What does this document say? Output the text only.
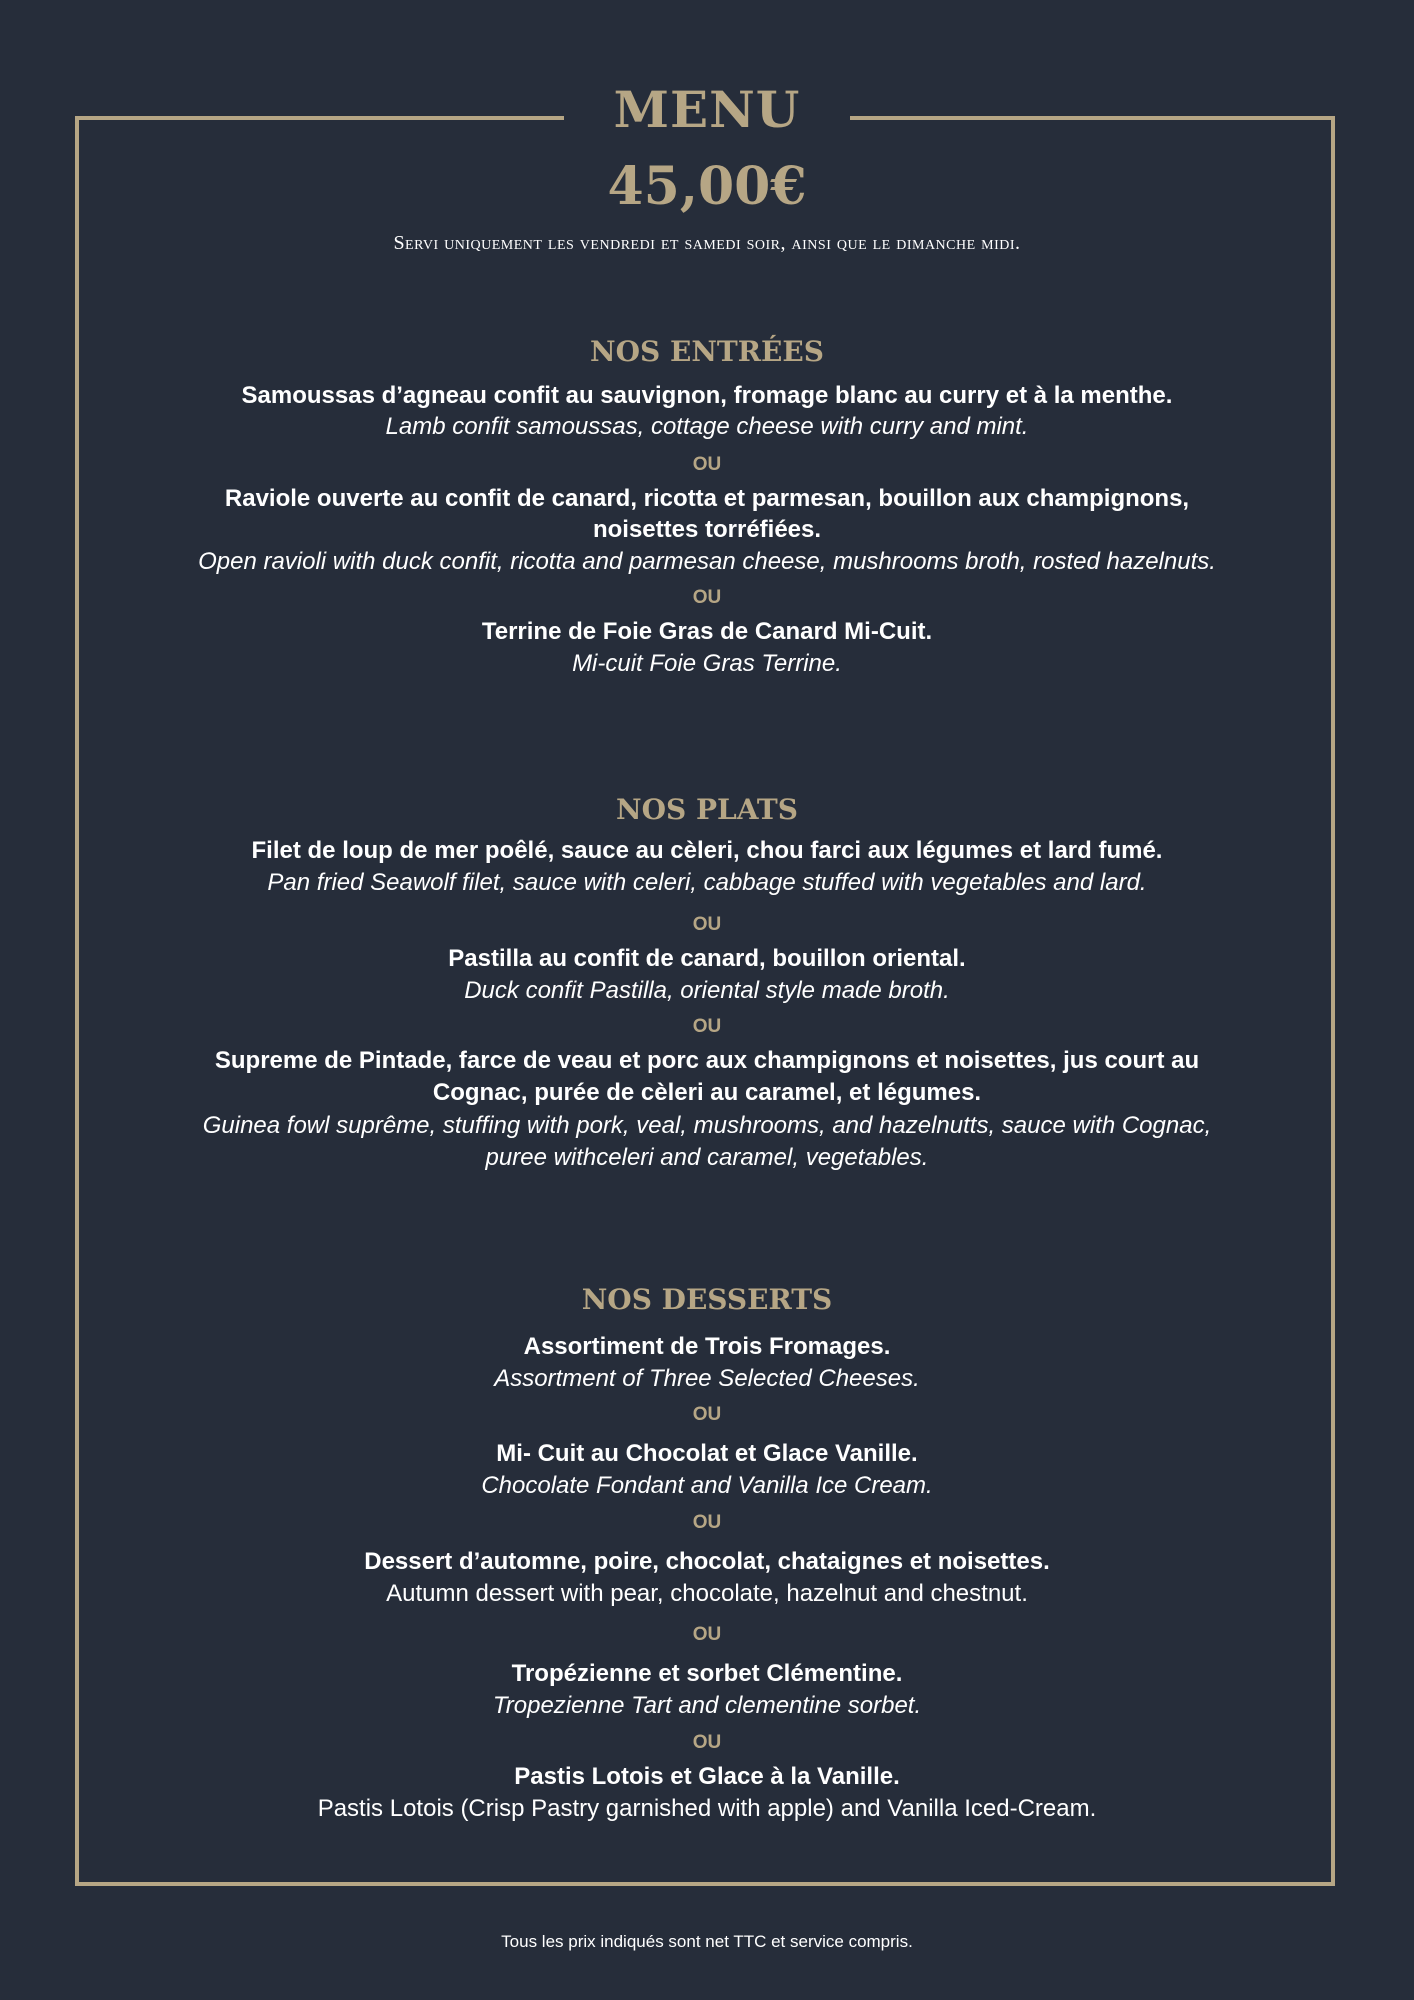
MENU
45,00€
Servi uniquement les vendredi et samedi soir, ainsi que le dimanche midi.
NOS ENTRÉES
Samoussas d’agneau confit au sauvignon, fromage blanc au curry et à la menthe.
Lamb confit samoussas, cottage cheese with curry and mint.
OU
Raviole ouverte au confit de canard, ricotta et parmesan, bouillon aux champignons,
noisettes torréfiées.
Open ravioli with duck confit, ricotta and parmesan cheese, mushrooms broth, rosted hazelnuts.
OU
Terrine de Foie Gras de Canard Mi-Cuit.
Mi-cuit Foie Gras Terrine.
NOS PLATS
Filet de loup de mer poêlé, sauce au cèleri, chou farci aux légumes et lard fumé.
Pan fried Seawolf filet, sauce with celeri, cabbage stuffed with vegetables and lard.
OU
Pastilla au confit de canard, bouillon oriental.
Duck confit Pastilla, oriental style made broth.
OU
Supreme de Pintade, farce de veau et porc aux champignons et noisettes, jus court au
Cognac, purée de cèleri au caramel, et légumes.
Guinea fowl suprême, stuffing with pork, veal, mushrooms, and hazelnutts, sauce with Cognac,
puree withceleri and caramel, vegetables.
NOS DESSERTS
Assortiment de Trois Fromages.
Assortment of Three Selected Cheeses.
OU
Mi- Cuit au Chocolat et Glace Vanille.
Chocolate Fondant and Vanilla Ice Cream.
OU
Dessert d’automne, poire, chocolat, chataignes et noisettes.
Autumn dessert with pear, chocolate, hazelnut and chestnut.
OU
Tropézienne et sorbet Clémentine.
Tropezienne Tart and clementine sorbet.
OU
Pastis Lotois et Glace à la Vanille.
Pastis Lotois (Crisp Pastry garnished with apple) and Vanilla Iced-Cream.
Tous les prix indiqués sont net TTC et service compris.
